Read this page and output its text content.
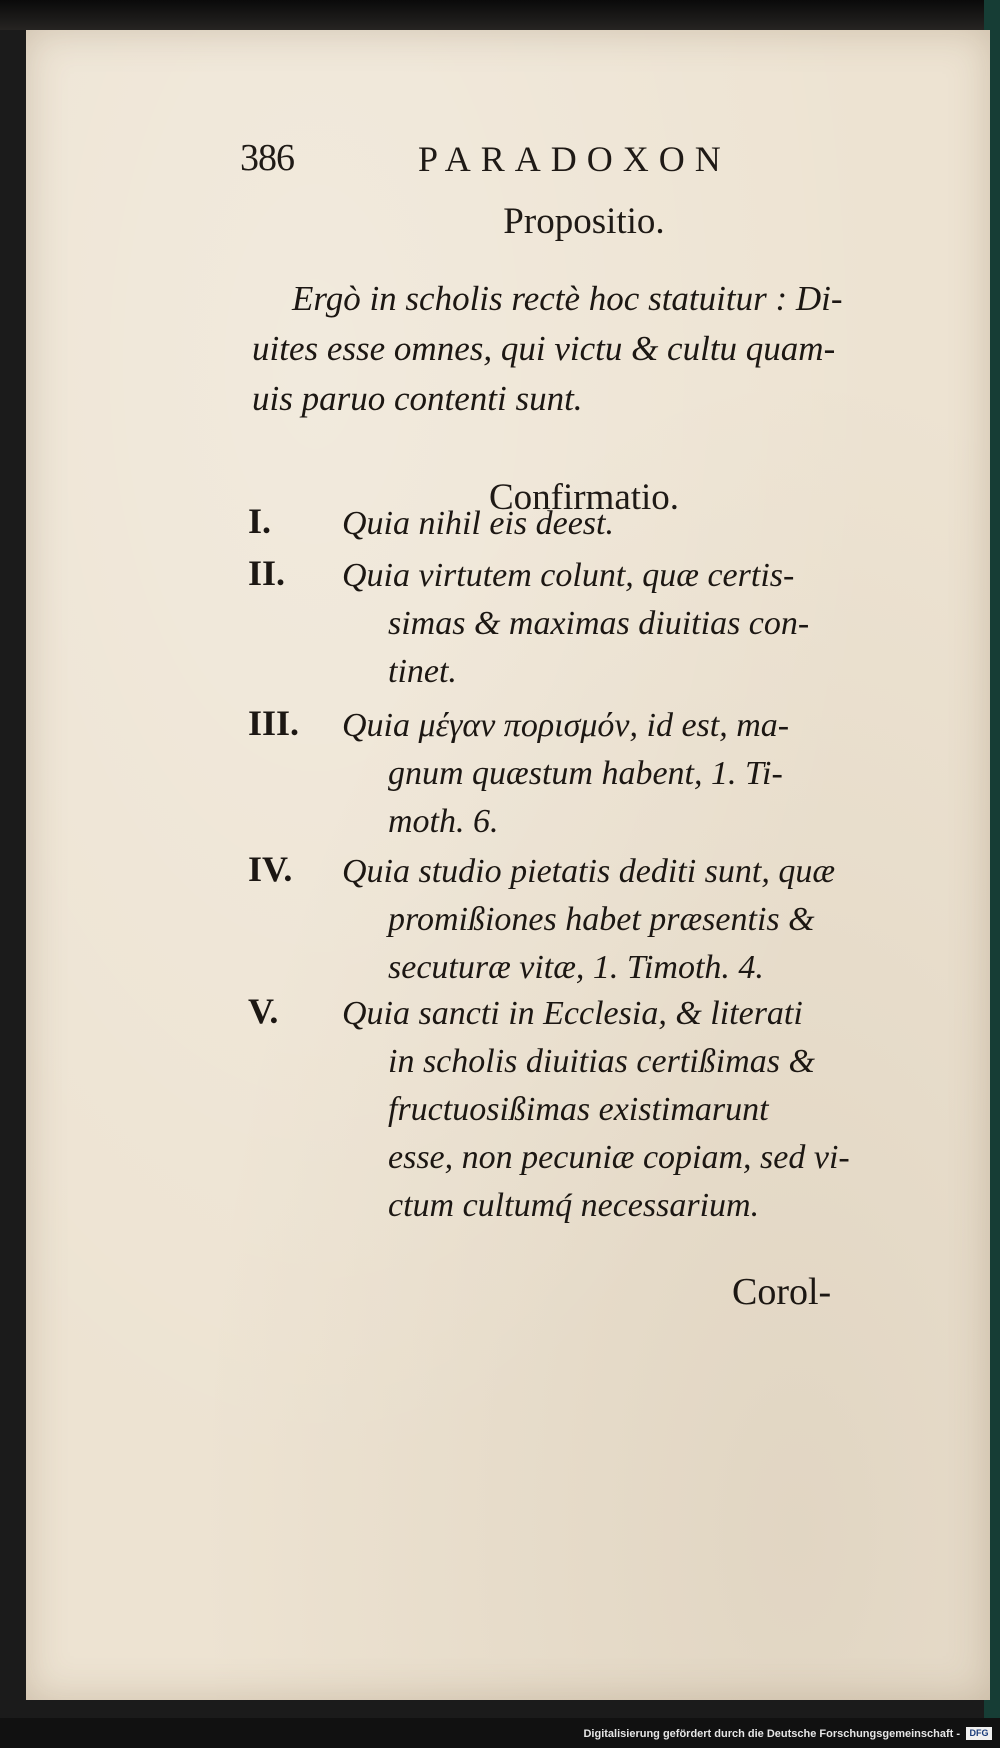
386	PARADOXON
Propositio.

Ergò in scholis rectè hoc statuitur : Di-
uites esse omnes, qui victu & cultu quam-
uis paruo contenti sunt.

Confirmatio.
I. Quia nihil eis deest.
II. Quia virtutem colunt, quæ certis-
simas & maximas diuitias con-
tinet.
III. Quia μέγαν πορισμόν, id est, ma-
gnum quæstum habent, 1. Ti-
moth. 6.
IV. Quia studio pietatis dediti sunt, quæ
promißiones habet præsentis &
secuturæ vitæ, 1. Timoth. 4.
V. Quia sancti in Ecclesia, & literati
in scholis diuitias certißimas &
fructuosißimas existimarunt
esse, non pecuniæ copiam, sed vi-
ctum cultumq́ necessarium.
Corol-
Digitalisierung gefördert durch die Deutsche Forschungsgemeinschaft -	DFG
